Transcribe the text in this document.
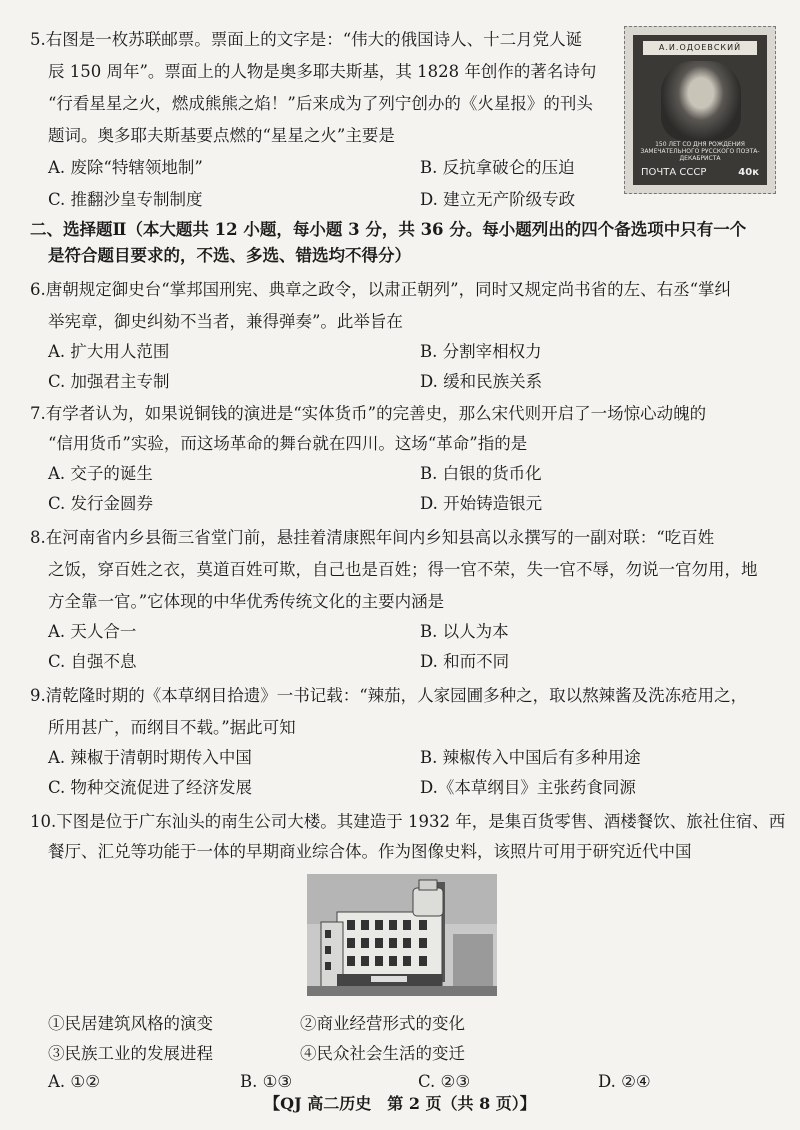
5.右图是一枚苏联邮票。票面上的文字是：“伟大的俄国诗人、十二月党人诞
辰 150 周年”。票面上的人物是奥多耶夫斯基，其 1828 年创作的著名诗句
“行看星星之火，燃成熊熊之焰！”后来成为了列宁创办的《火星报》的刊头
题词。奥多耶夫斯基要点燃的“星星之火”主要是
A. 废除“特辖领地制”	B. 反抗拿破仑的压迫
C. 推翻沙皇专制制度	D. 建立无产阶级专政
А.И.ОДОЕВСКИЙ
150 ЛЕТ СО ДНЯ РОЖДЕНИЯ ЗАМЕЧАТЕЛЬНОГО РУССКОГО ПОЭТА-ДЕКАБРИСТА
ПОЧТА СССР	40к
二、选择题Ⅱ（本大题共 12 小题，每小题 3 分，共 36 分。每小题列出的四个备选项中只有一个
是符合题目要求的，不选、多选、错选均不得分）
6.唐朝规定御史台“掌邦国刑宪、典章之政令，以肃正朝列”，同时又规定尚书省的左、右丞“掌纠
举宪章，御史纠劾不当者，兼得弹奏”。此举旨在
A. 扩大用人范围	B. 分割宰相权力
C. 加强君主专制	D. 缓和民族关系
7.有学者认为，如果说铜钱的演进是“实体货币”的完善史，那么宋代则开启了一场惊心动魄的
“信用货币”实验，而这场革命的舞台就在四川。这场“革命”指的是
A. 交子的诞生	B. 白银的货币化
C. 发行金圆券	D. 开始铸造银元
8.在河南省内乡县衙三省堂门前，悬挂着清康熙年间内乡知县高以永撰写的一副对联：“吃百姓
之饭，穿百姓之衣，莫道百姓可欺，自己也是百姓；得一官不荣，失一官不辱，勿说一官勿用，地
方全靠一官。”它体现的中华优秀传统文化的主要内涵是
A. 天人合一	B. 以人为本
C. 自强不息	D. 和而不同
9.清乾隆时期的《本草纲目拾遗》一书记载：“辣茄，人家园圃多种之，取以熬辣酱及洗冻疮用之，
所用甚广，而纲目不载。”据此可知
A. 辣椒于清朝时期传入中国	B. 辣椒传入中国后有多种用途
C. 物种交流促进了经济发展	D.《本草纲目》主张药食同源
10.下图是位于广东汕头的南生公司大楼。其建造于 1932 年，是集百货零售、酒楼餐饮、旅社住宿、西
餐厅、汇兑等功能于一体的早期商业综合体。作为图像史料，该照片可用于研究近代中国
①民居建筑风格的演变	②商业经营形式的变化
③民族工业的发展进程	④民众社会生活的变迁
A. ①②	B. ①③	C. ②③	D. ②④
【QJ 高二历史　第 2 页（共 8 页）】
